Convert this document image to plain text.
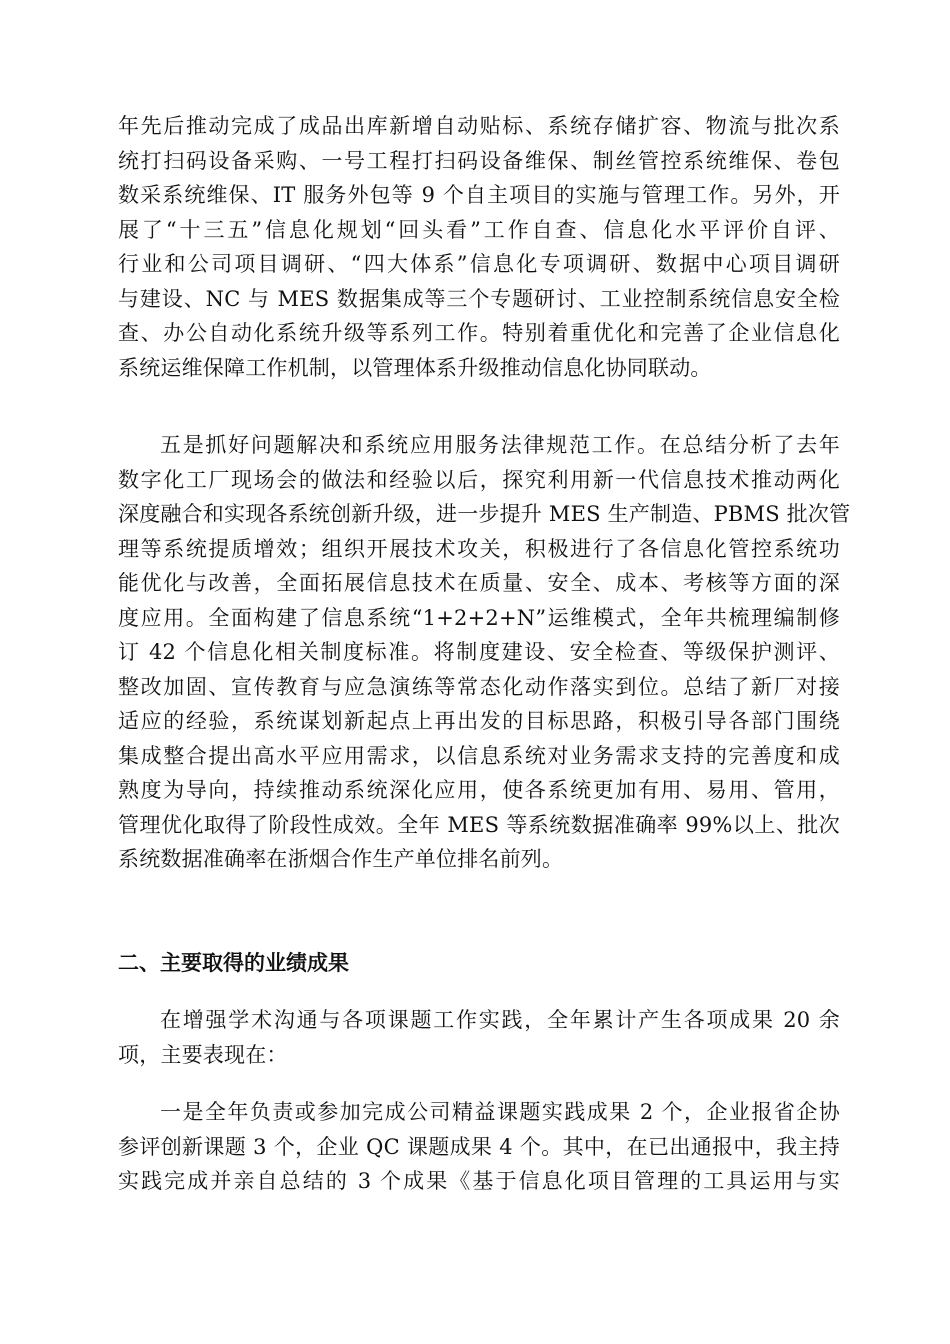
年先后推动完成了成品出库新增自动贴标、系统存储扩容、物流与批次系
统打扫码设备采购、一号工程打扫码设备维保、制丝管控系统维保、卷包
数采系统维保、IT 服务外包等 9 个自主项目的实施与管理工作。另外，开
展了“十三五”信息化规划“回头看”工作自查、信息化水平评价自评、
行业和公司项目调研、“四大体系”信息化专项调研、数据中心项目调研
与建设、NC 与 MES 数据集成等三个专题研讨、工业控制系统信息安全检
查、办公自动化系统升级等系列工作。特别着重优化和完善了企业信息化
系统运维保障工作机制，以管理体系升级推动信息化协同联动。
五是抓好问题解决和系统应用服务法律规范工作。在总结分析了去年
数字化工厂现场会的做法和经验以后，探究利用新一代信息技术推动两化
深度融合和实现各系统创新升级，进一步提升 MES 生产制造、PBMS 批次管
理等系统提质增效；组织开展技术攻关，积极进行了各信息化管控系统功
能优化与改善，全面拓展信息技术在质量、安全、成本、考核等方面的深
度应用。全面构建了信息系统“1+2+2+N”运维模式，全年共梳理编制修
订 42 个信息化相关制度标准。将制度建设、安全检查、等级保护测评、
整改加固、宣传教育与应急演练等常态化动作落实到位。总结了新厂对接
适应的经验，系统谋划新起点上再出发的目标思路，积极引导各部门围绕
集成整合提出高水平应用需求，以信息系统对业务需求支持的完善度和成
熟度为导向，持续推动系统深化应用，使各系统更加有用、易用、管用，
管理优化取得了阶段性成效。全年 MES 等系统数据准确率 99%以上、批次
系统数据准确率在浙烟合作生产单位排名前列。
二、主要取得的业绩成果
在增强学术沟通与各项课题工作实践，全年累计产生各项成果 20 余
项，主要表现在：
一是全年负责或参加完成公司精益课题实践成果 2 个，企业报省企协
参评创新课题 3 个，企业 QC 课题成果 4 个。其中，在已出通报中，我主持
实践完成并亲自总结的 3 个成果《基于信息化项目管理的工具运用与实
